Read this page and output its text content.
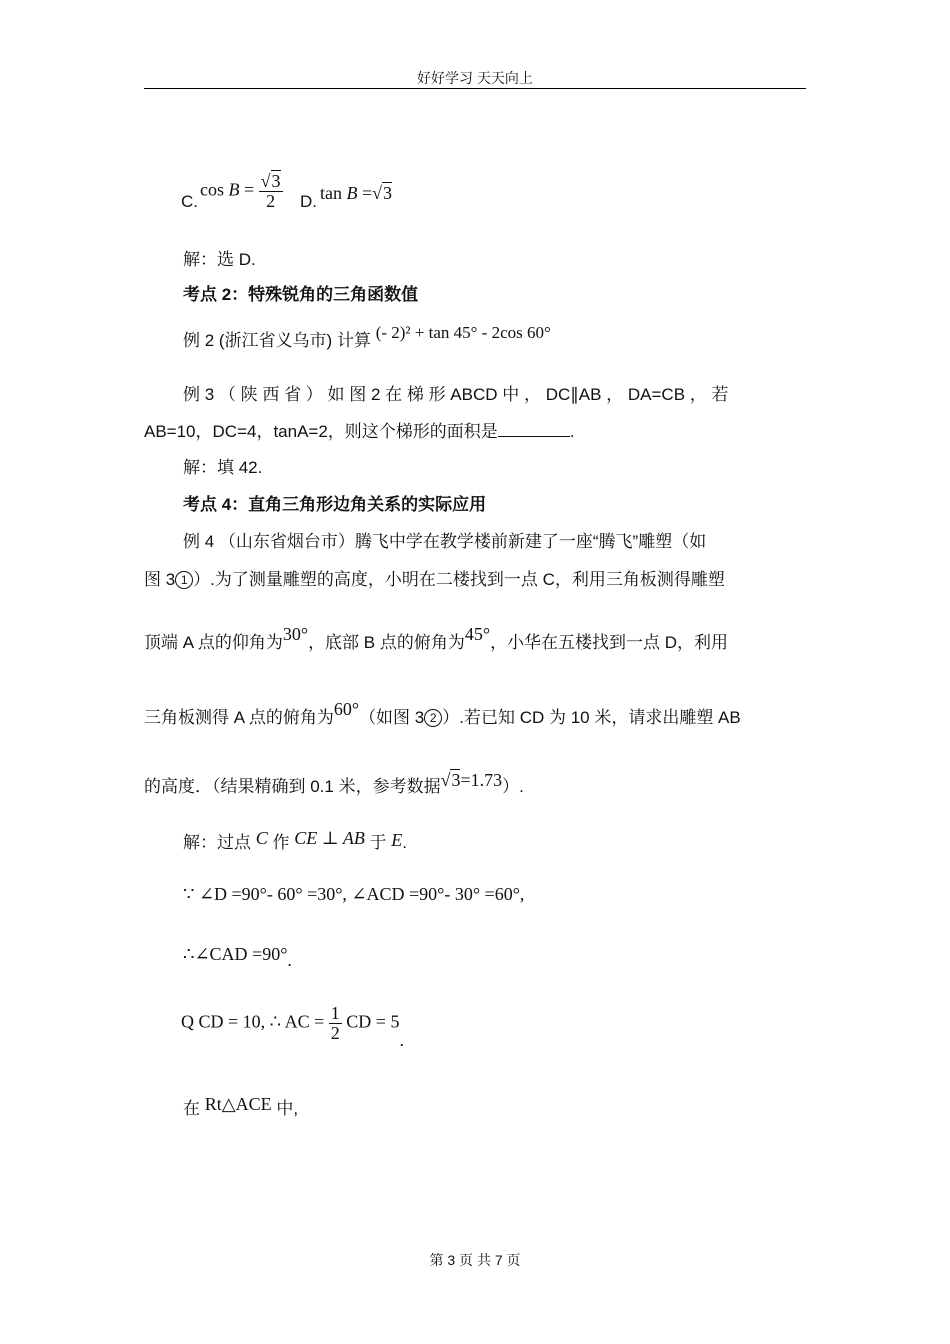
好好学习 天天向上
C.
$\cos B = \frac{√3}{2} D$. tan B =√3
解：选 D.
考点 2：特殊锐角的三角函数值
例 2 (浙江省义乌市) 计算 (- 2)² + tan 45° - 2cos 60°
例 3 （ 陕 西 省 ） 如 图 2 在 梯 形 ABCD 中 ， DC∥AB ， DA=CB ， 若
AB=10，DC=4，tanA=2，则这个梯形的面积是	.
解：填 42.
考点 4：直角三角形边角关系的实际应用
例 4 （山东省烟台市）腾飞中学在教学楼前新建了一座“腾飞”雕塑（如
图 3 1 ）.为了测量雕塑的高度，小明在二楼找到一点 C，利用三角板测得雕塑
顶端 A 点的仰角为30°，底部 B 点的俯角为45°，小华在五楼找到一点 D，利用
三角板测得 A 点的俯角为60°（如图 3 2 ）.若已知 CD 为 10 米，请求出雕塑 AB
的高度．（结果精确到 0.1 米，参考数据√3=1.73）.
解：过点 C 作 CE ⊥ AB 于 E.
∵ ∠D =90°- 60° =30°, ∠ACD =90°- 30° =60°,
∴∠CAD =90°.
Q CD = 10, ∴ AC = $\frac{1}{2}$ CD = 5.
在 Rt△ACE 中,
第 3 页 共 7 页
